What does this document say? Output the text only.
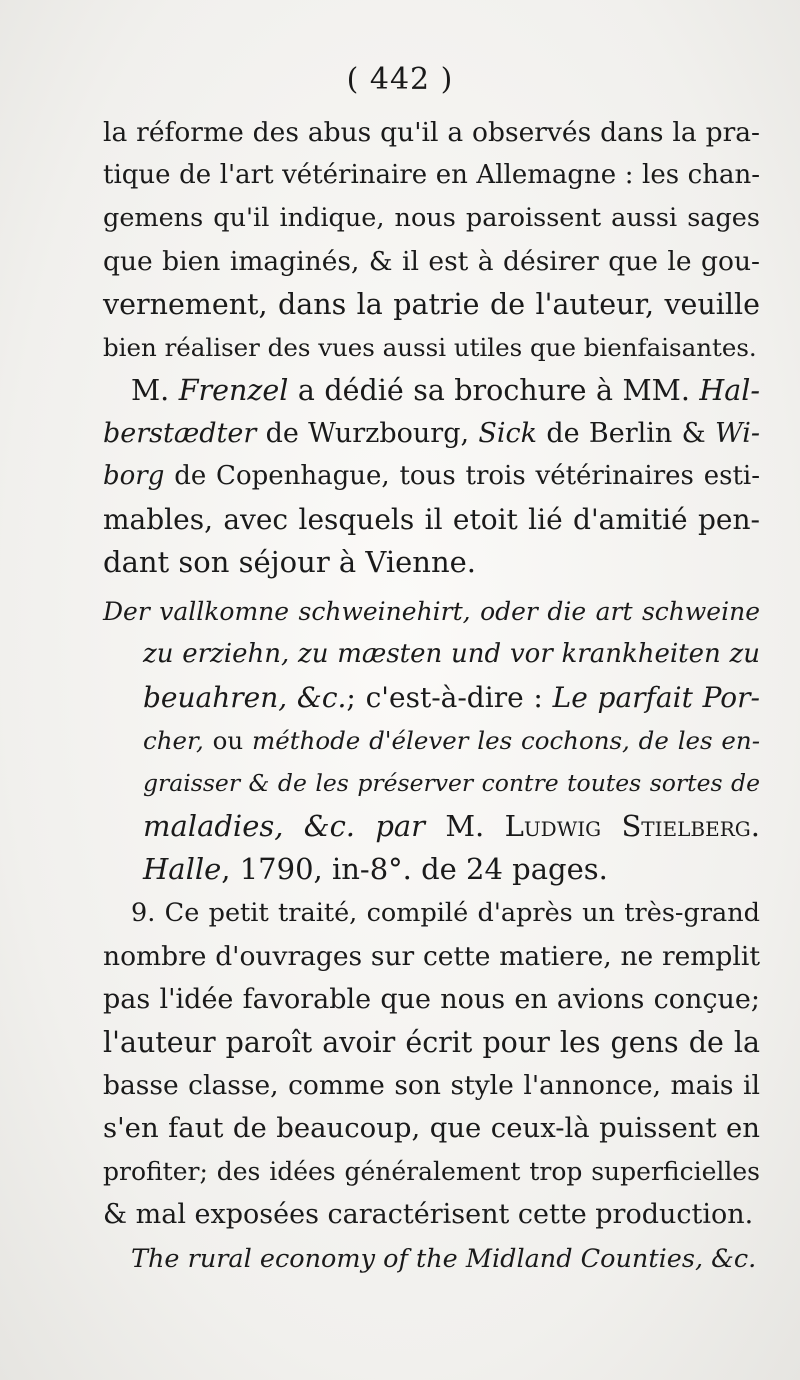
( 442 )
la réforme des abus qu'il a observés dans la pra-
tique de l'art vétérinaire en Allemagne : les chan-
gemens qu'il indique, nous paroissent aussi sages
que bien imaginés, & il est à désirer que le gou-
vernement, dans la patrie de l'auteur, veuille
bien réaliser des vues aussi utiles que bienfaisantes.
M. Frenzel a dédié sa brochure à MM. Hal-
berstædter de Wurzbourg, Sick de Berlin & Wi-
borg de Copenhague, tous trois vétérinaires esti-
mables, avec lesquels il etoit lié d'amitié pen-
dant son séjour à Vienne.
Der vallkomne schweinehirt, oder die art schweine
zu erziehn, zu mæsten und vor krankheiten zu
beuahren, &c.; c'est-à-dire : Le parfait Por-
cher, ou méthode d'élever les cochons, de les en-
graisser & de les préserver contre toutes sortes de
maladies, &c. par M. Ludwig Stielberg.
Halle, 1790, in-8°. de 24 pages.
9. Ce petit traité, compilé d'après un très-grand
nombre d'ouvrages sur cette matiere, ne remplit
pas l'idée favorable que nous en avions conçue;
l'auteur paroît avoir écrit pour les gens de la
basse classe, comme son style l'annonce, mais il
s'en faut de beaucoup, que ceux-là puissent en
profiter; des idées généralement trop superficielles
& mal exposées caractérisent cette production.
The rural economy of the Midland Counties, &c.
